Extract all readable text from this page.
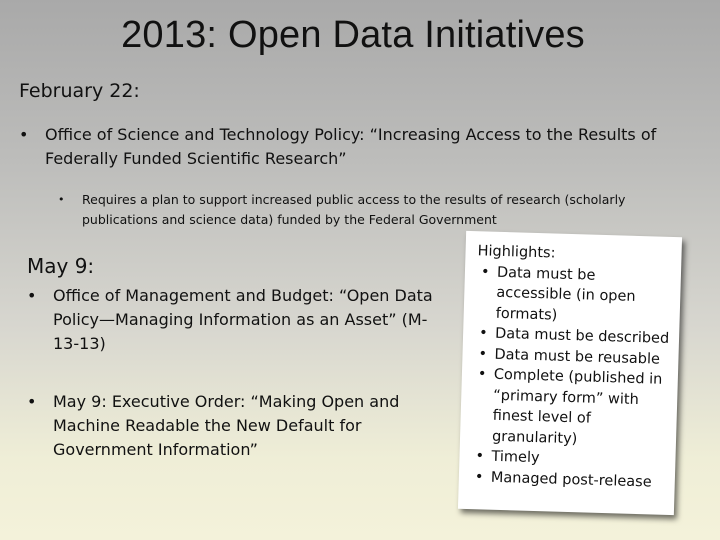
2013: Open Data Initiatives
February 22:
• Office of Science and Technology Policy: “Increasing Access to the Results of Federally Funded Scientific Research”
• Requires a plan to support increased public access to the results of research (scholarly publications and science data) funded by the Federal Government
May 9:
• Office of Management and Budget: “Open Data Policy—Managing Information as an Asset” (M-13-13)
• May 9: Executive Order: “Making Open and Machine Readable the New Default for Government Information”
Highlights:
• Data must be accessible (in open formats)
• Data must be described
• Data must be reusable
• Complete (published in “primary form” with finest level of granularity)
• Timely
• Managed post-release
